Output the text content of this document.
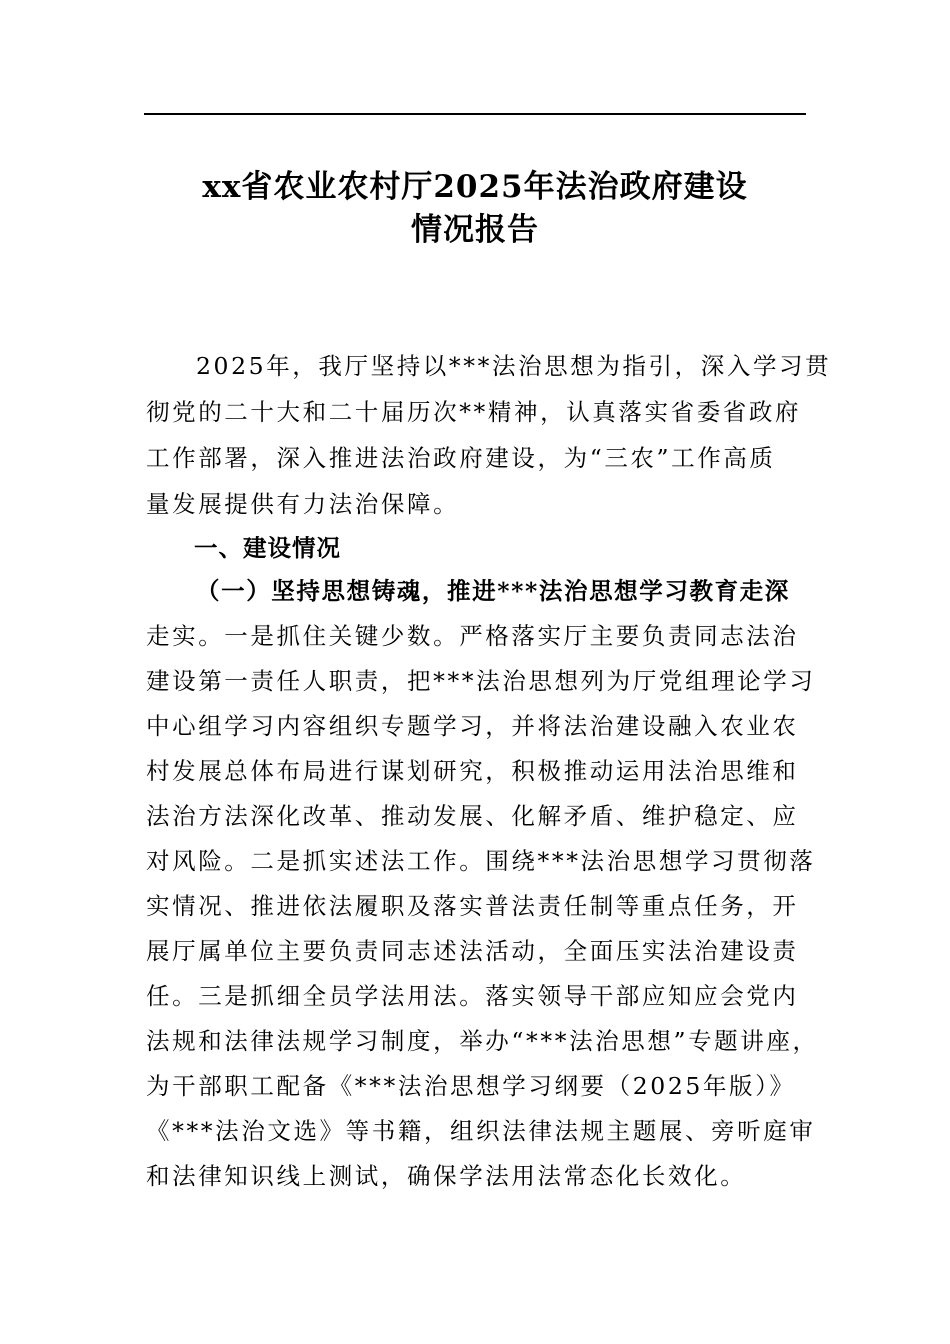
xx省农业农村厅2025年法治政府建设
情况报告
2025年，我厅坚持以***法治思想为指引，深入学习贯
彻党的二十大和二十届历次**精神，认真落实省委省政府
工作部署，深入推进法治政府建设，为“三农”工作高质
量发展提供有力法治保障。
一、建设情况
（一）坚持思想铸魂，推进***法治思想学习教育走深
走实。一是抓住关键少数。严格落实厅主要负责同志法治
建设第一责任人职责，把***法治思想列为厅党组理论学习
中心组学习内容组织专题学习，并将法治建设融入农业农
村发展总体布局进行谋划研究，积极推动运用法治思维和
法治方法深化改革、推动发展、化解矛盾、维护稳定、应
对风险。二是抓实述法工作。围绕***法治思想学习贯彻落
实情况、推进依法履职及落实普法责任制等重点任务，开
展厅属单位主要负责同志述法活动，全面压实法治建设责
任。三是抓细全员学法用法。落实领导干部应知应会党内
法规和法律法规学习制度，举办“***法治思想”专题讲座，
为干部职工配备《***法治思想学习纲要（2025年版）》
《***法治文选》等书籍，组织法律法规主题展、旁听庭审
和法律知识线上测试，确保学法用法常态化长效化。
